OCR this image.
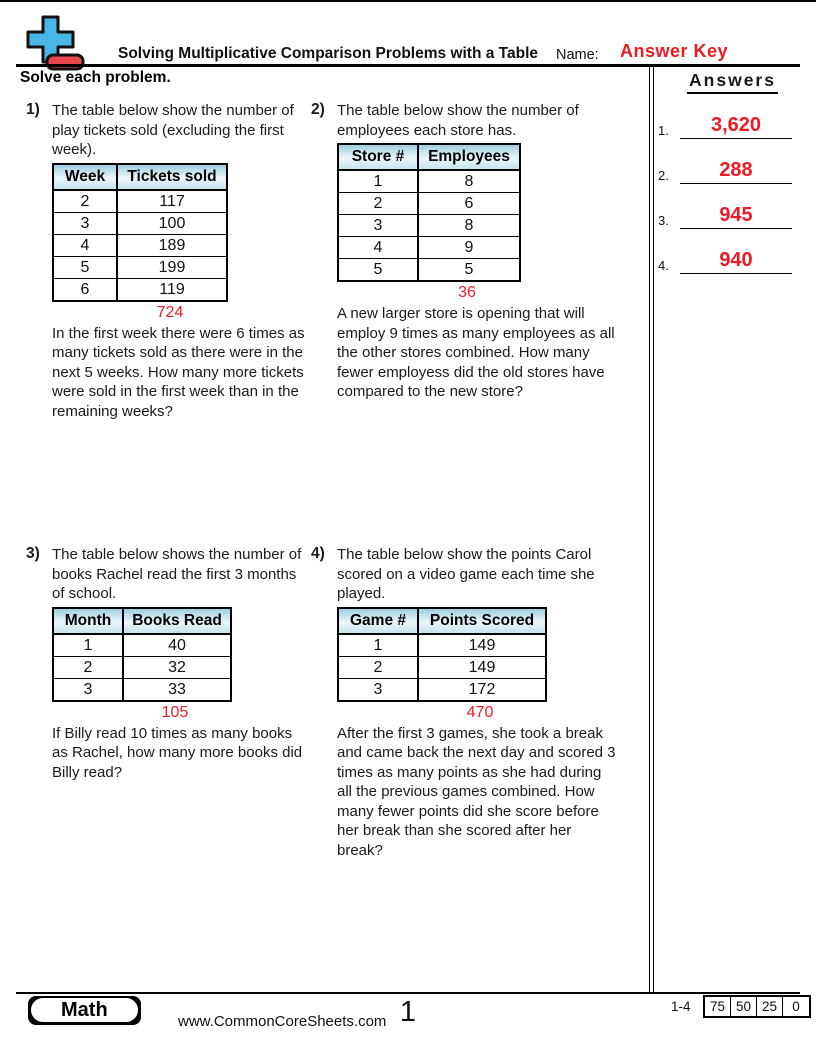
Solving Multiplicative Comparison Problems with a Table Name: Answer Key
Solve each problem.	Answers
1.	3,620
2.	288
3.	945
4.	940
1) The table below show the number of play tickets sold (excluding the first week).

Week	Tickets sold
2	117
3	100
4	189
5	199
6	119
724

In the first week there were 6 times as many tickets sold as there were in the next 5 weeks. How many more tickets were sold in the first week than in the remaining weeks?

2) The table below show the number of employees each store has.

Store #	Employees
1	8
2	6
3	8
4	9
5	5
36

A new larger store is opening that will employ 9 times as many employees as all the other stores combined. How many fewer employess did the old stores have compared to the new store?

3) The table below shows the number of books Rachel read the first 3 months of school.

Month	Books Read
1	40
2	32
3	33
105

If Billy read 10 times as many books as Rachel, how many more books did Billy read?

4) The table below show the points Carol scored on a video game each time she played.

Game #	Points Scored
1	149
2	149
3	172
470

After the first 3 games, she took a break and came back the next day and scored 3 times as many points as she had during all the previous games combined. How many fewer points did she score before her break than she scored after her break?

Math
www.CommonCoreSheets.com 1	1-4 75	50	25	0
